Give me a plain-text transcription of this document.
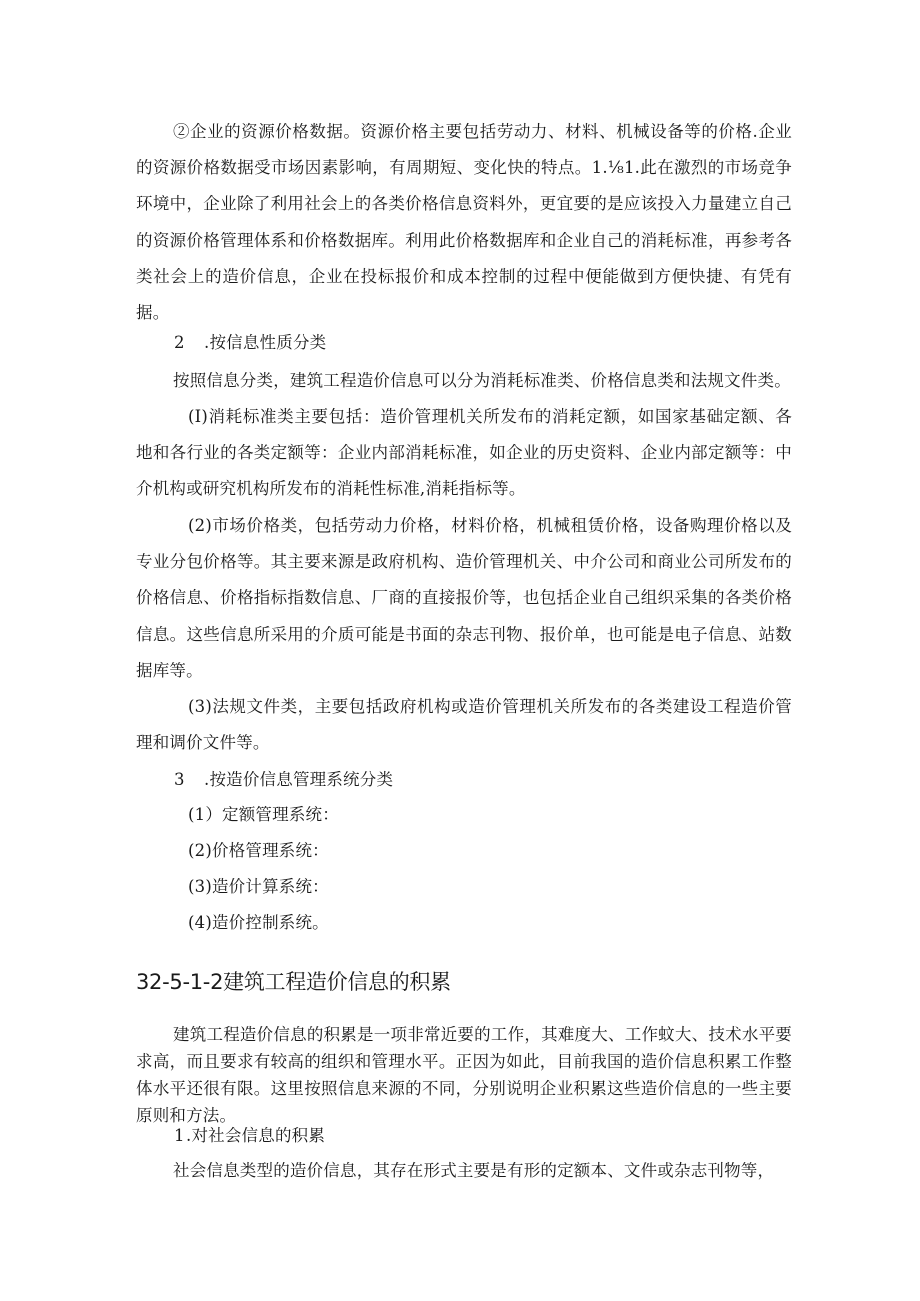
②企业的资源价格数据。资源价格主要包括劳动力、材料、机械设备等的价格.企业的资源价格数据受市场因素影响，有周期短、变化快的特点。1.⅛1.此在激烈的市场竞争环境中，企业除了利用社会上的各类价格信息资料外，更宜要的是应该投入力量建立自己的资源价格管理体系和价格数据库。利用此价格数据库和企业自己的消耗标准，再参考各类社会上的造价信息，企业在投标报价和成本控制的过程中便能做到方便快捷、有凭有据。

2 .按信息性质分类

按照信息分类，建筑工程造价信息可以分为消耗标准类、价格信息类和法规文件类。

(I)消耗标准类主要包括：造价管理机关所发布的消耗定额，如国家基础定额、各地和各行业的各类定额等：企业内部消耗标准，如企业的历史资料、企业内部定额等：中介机构或研究机构所发布的消耗性标准,消耗指标等。

(2)市场价格类，包括劳动力价格，材料价格，机械租赁价格，设备购理价格以及专业分包价格等。其主要来源是政府机构、造价管理机关、中介公司和商业公司所发布的价格信息、价格指标指数信息、厂商的直接报价等，也包括企业自己组织采集的各类价格信息。这些信息所采用的介质可能是书面的杂志刊物、报价单，也可能是电子信息、站数据库等。

(3)法规文件类，主要包括政府机构或造价管理机关所发布的各类建设工程造价管理和调价文件等。

3 .按造价信息管理系统分类

(1）定额管理系统：

(2)价格管理系统：

(3)造价计算系统：

(4)造价控制系统。

32-5-1-2建筑工程造价信息的积累

建筑工程造价信息的积累是一项非常近要的工作，其难度大、工作蚊大、技术水平要求高，而且要求有较高的组织和管理水平。正因为如此，目前我国的造价信息积累工作整体水平还很有限。这里按照信息来源的不同，分别说明企业积累这些造价信息的一些主要原则和方法。

1.对社会信息的积累

社会信息类型的造价信息，其存在形式主要是有形的定额本、文件或杂志刊物等，
